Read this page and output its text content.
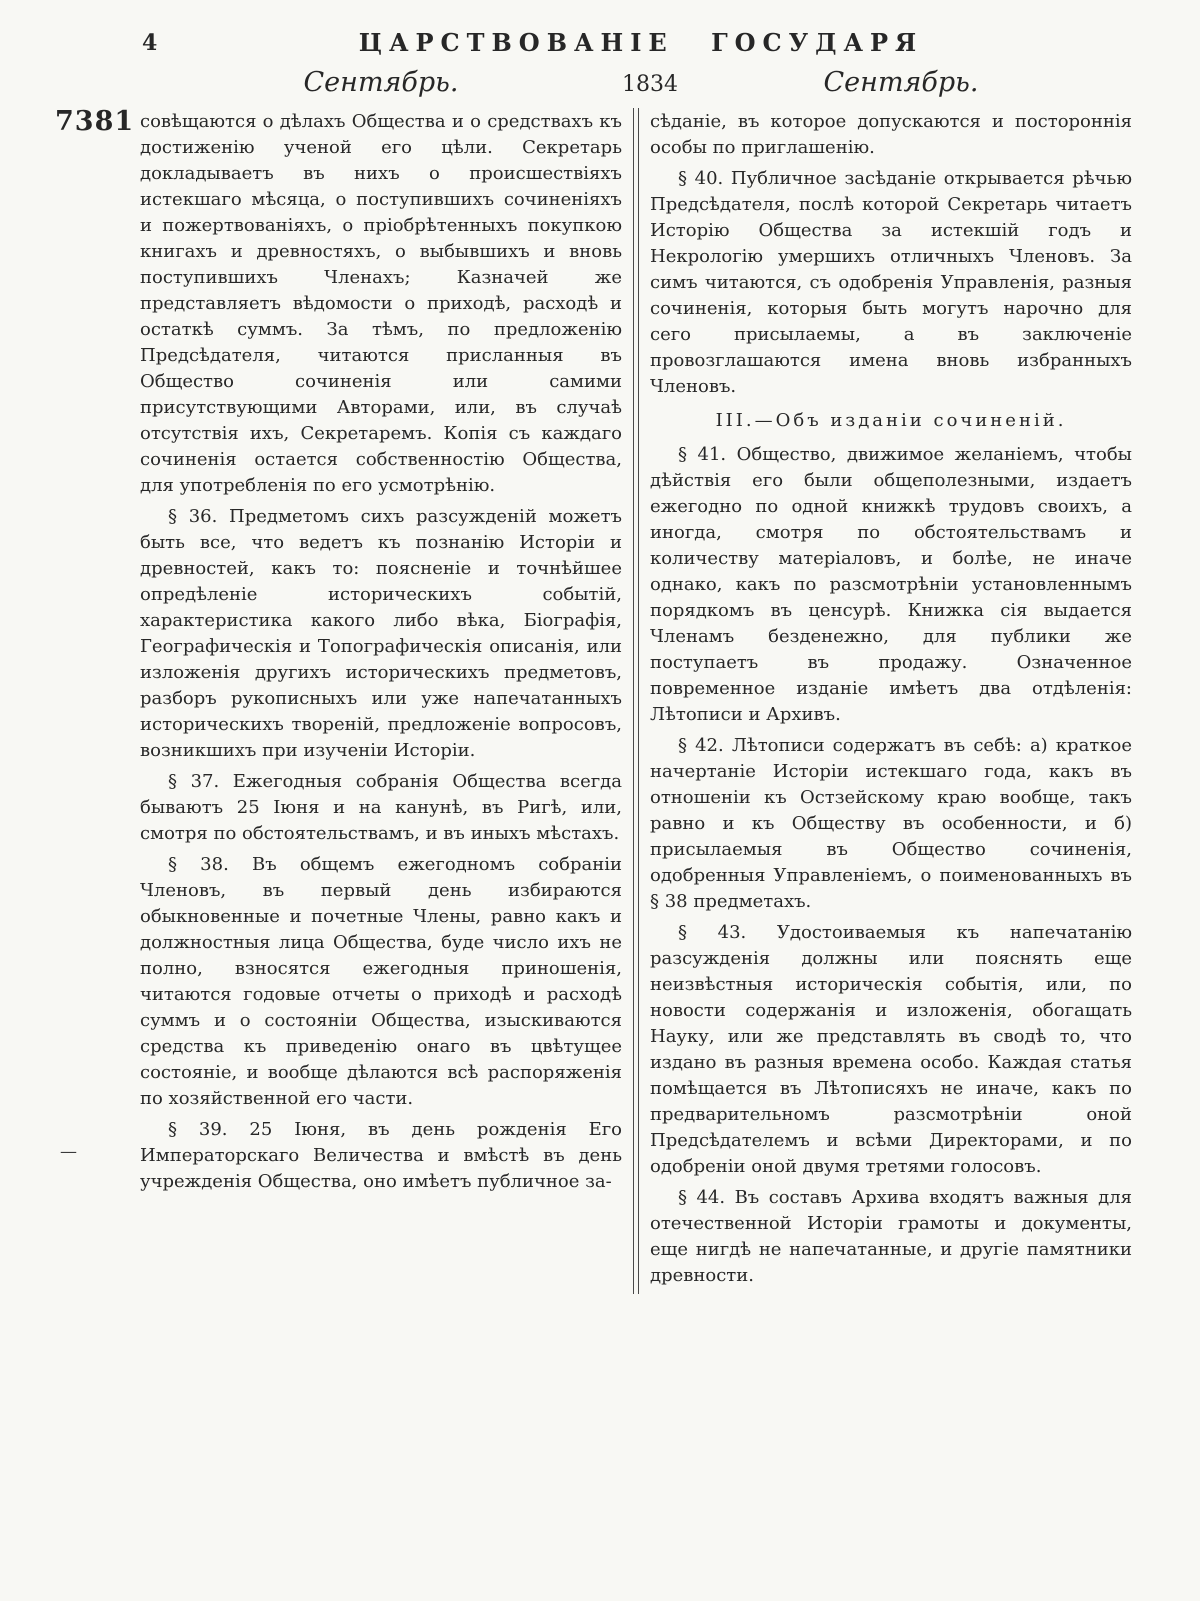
7381
—
4	ЦАРСТВОВАНІЕ ГОСУДАРЯ
Сентябрь.	1834	Сентябрь.

совѣщаются о дѣлахъ Общества и о средствахъ къ достиженію ученой его цѣли. Секретарь докладываетъ въ нихъ о происшествіяхъ истекшаго мѣсяца, о поступившихъ сочиненіяхъ и пожертвованіяхъ, о пріобрѣтенныхъ покупкою книгахъ и древностяхъ, о выбывшихъ и вновь поступившихъ Членахъ; Казначей же представляетъ вѣдомости о приходѣ, расходѣ и остаткѣ суммъ. За тѣмъ, по предложенію Предсѣдателя, читаются присланныя въ Общество сочиненія или самими присутствующими Авторами, или, въ случаѣ отсутствія ихъ, Секретаремъ. Копія съ каждаго сочиненія остается собственностію Общества, для употребленія по его усмотрѣнію.

§ 36. Предметомъ сихъ разсужденій можетъ быть все, что ведетъ къ познанію Исторіи и древностей, какъ то: поясненіе и точнѣйшее опредѣленіе историческихъ событій, характеристика какого либо вѣка, Біографія, Географическія и Топографическія описанія, или изложенія другихъ историческихъ предметовъ, разборъ рукописныхъ или уже напечатанныхъ историческихъ твореній, предложеніе вопросовъ, возникшихъ при изученіи Исторіи.

§ 37. Ежегодныя собранія Общества всегда бываютъ 25 Іюня и на канунѣ, въ Ригѣ, или, смотря по обстоятельствамъ, и въ иныхъ мѣстахъ.

§ 38. Въ общемъ ежегодномъ собраніи Членовъ, въ первый день избираются обыкновенные и почетные Члены, равно какъ и должностныя лица Общества, буде число ихъ не полно, взносятся ежегодныя приношенія, читаются годовые отчеты о приходѣ и расходѣ суммъ и о состояніи Общества, изыскиваются средства къ приведенію онаго въ цвѣтущее состояніе, и вообще дѣлаются всѣ распоряженія по хозяйственной его части.

§ 39. 25 Іюня, въ день рожденія Его Императорскаго Величества и вмѣстѣ въ день учрежденія Общества, оно имѣетъ публичное за-

сѣданіе, въ которое допускаются и постороннія особы по приглашенію.

§ 40. Публичное засѣданіе открывается рѣчью Предсѣдателя, послѣ которой Секретарь читаетъ Исторію Общества за истекшій годъ и Некрологію умершихъ отличныхъ Членовъ. За симъ читаются, съ одобренія Управленія, разныя сочиненія, которыя быть могутъ нарочно для сего присылаемы, а въ заключеніе провозглашаются имена вновь избранныхъ Членовъ.

III.—Объ изданіи сочиненій.

§ 41. Общество, движимое желаніемъ, чтобы дѣйствія его были общеполезными, издаетъ ежегодно по одной книжкѣ трудовъ своихъ, а иногда, смотря по обстоятельствамъ и количеству матеріаловъ, и болѣе, не иначе однако, какъ по разсмотрѣніи установленнымъ порядкомъ въ ценсурѣ. Книжка сія выдается Членамъ безденежно, для публики же поступаетъ въ продажу. Означенное повременное изданіе имѣетъ два отдѣленія: Лѣтописи и Архивъ.

§ 42. Лѣтописи содержатъ въ себѣ: а) краткое начертаніе Исторіи истекшаго года, какъ въ отношеніи къ Остзейскому краю вообще, такъ равно и къ Обществу въ особенности, и б) присылаемыя въ Общество сочиненія, одобренныя Управленіемъ, о поименованныхъ въ § 38 предметахъ.

§ 43. Удостоиваемыя къ напечатанію разсужденія должны или пояснять еще неизвѣстныя историческія событія, или, по новости содержанія и изложенія, обогащать Науку, или же представлять въ сводѣ то, что издано въ разныя времена особо. Каждая статья помѣщается въ Лѣтописяхъ не иначе, какъ по предварительномъ разсмотрѣніи оной Предсѣдателемъ и всѣми Директорами, и по одобреніи оной двумя третями голосовъ.

§ 44. Въ составъ Архива входятъ важныя для отечественной Исторіи грамоты и документы, еще нигдѣ не напечатанные, и другіе памятники древности.
